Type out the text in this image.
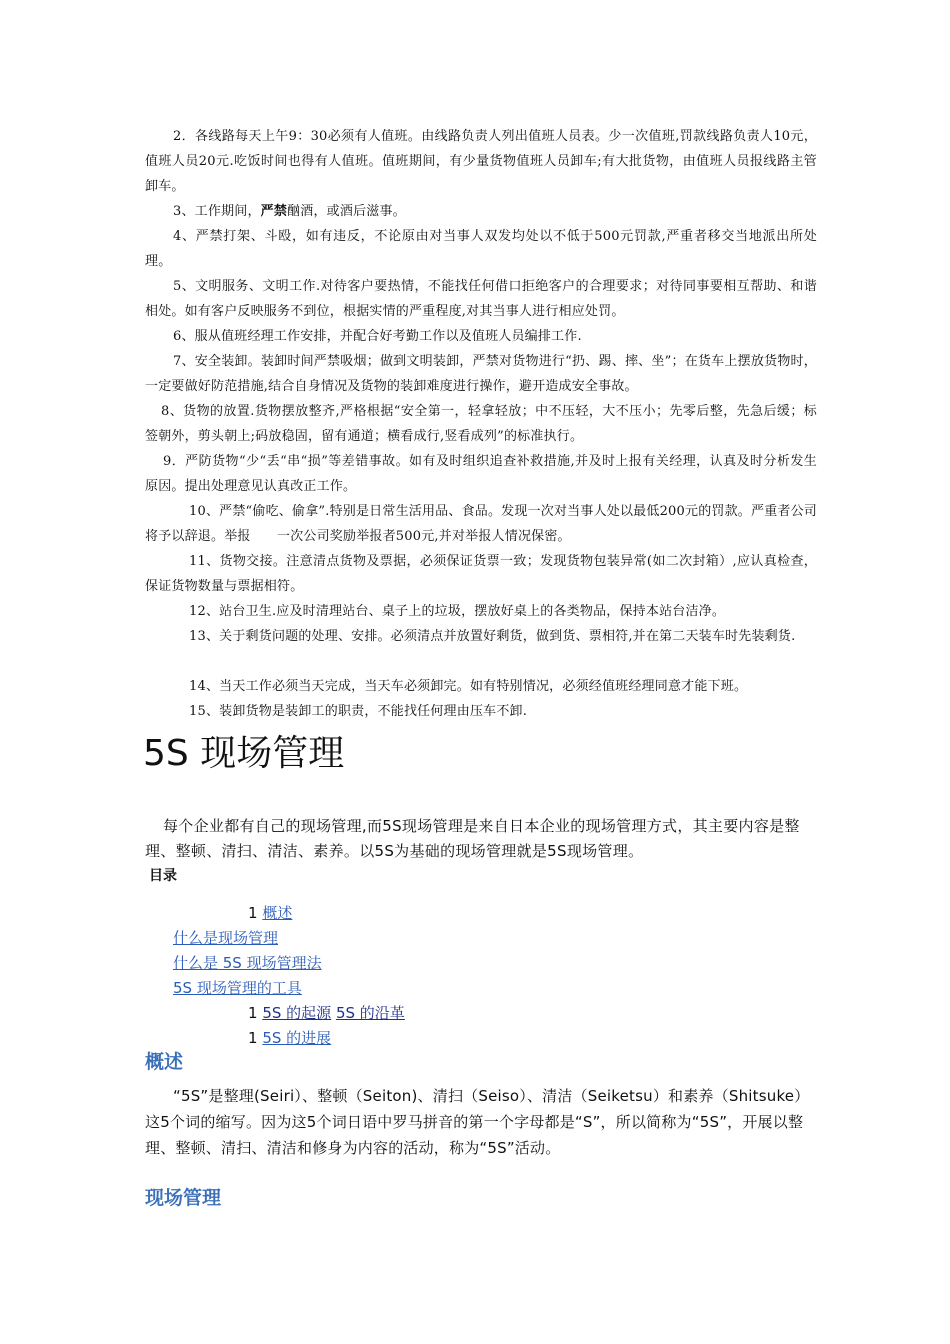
2．各线路每天上午9：30必须有人值班。由线路负责人列出值班人员表。少一次值班,罚款线路负责人10元，值班人员20元.吃饭时间也得有人值班。值班期间，有少量货物值班人员卸车;有大批货物，由值班人员报线路主管卸车。
3、工作期间，严禁酗酒，或酒后滋事。
4、严禁打架、斗殴，如有违反，不论原由对当事人双发均处以不低于500元罚款,严重者移交当地派出所处理。
5、文明服务、文明工作.对待客户要热情，不能找任何借口拒绝客户的合理要求；对待同事要相互帮助、和谐相处。如有客户反映服务不到位，根据实情的严重程度,对其当事人进行相应处罚。
6、服从值班经理工作安排，并配合好考勤工作以及值班人员编排工作.
7、安全装卸。装卸时间严禁吸烟；做到文明装卸，严禁对货物进行“扔、踢、摔、坐”；在货车上摆放货物时，一定要做好防范措施,结合自身情况及货物的装卸难度进行操作，避开造成安全事故。
8、货物的放置.货物摆放整齐,严格根据“安全第一，轻拿轻放；中不压轻，大不压小；先零后整，先急后缓；标签朝外，剪头朝上;码放稳固，留有通道；横看成行,竖看成列”的标准执行。
9．严防货物“少“丢“串“损”等差错事故。如有及时组织追查补救措施,并及时上报有关经理，认真及时分析发生原因。提出处理意见认真改正工作。
10、严禁“偷吃、偷拿”.特别是日常生活用品、食品。发现一次对当事人处以最低200元的罚款。严重者公司将予以辞退。举报　　一次公司奖励举报者500元,并对举报人情况保密。
11、货物交接。注意清点货物及票据，必须保证货票一致；发现货物包装异常(如二次封箱）,应认真检查，保证货物数量与票据相符。
12、站台卫生.应及时清理站台、桌子上的垃圾，摆放好桌上的各类物品，保持本站台洁净。
13、关于剩货问题的处理、安排。必须清点并放置好剩货，做到货、票相符,并在第二天装车时先装剩货.
14、当天工作必须当天完成，当天车必须卸完。如有特别情况，必须经值班经理同意才能下班。
15、装卸货物是装卸工的职责，不能找任何理由压车不卸.
5S 现场管理
每个企业都有自己的现场管理,而5S现场管理是来自日本企业的现场管理方式，其主要内容是整理、整顿、清扫、清洁、素养。以5S为基础的现场管理就是5S现场管理。
目录
1 概述
什么是现场管理
什么是 5S 现场管理法
5S 现场管理的工具
1 5S 的起源 5S 的沿革
1 5S 的进展
概述
“5S”是整理(Seiri）、整顿（Seiton)、清扫（Seiso）、清洁（Seiketsu）和素养（Shitsuke）这5个词的缩写。因为这5个词日语中罗马拼音的第一个字母都是“S”，所以简称为“5S”，开展以整理、整顿、清扫、清洁和修身为内容的活动，称为“5S”活动。
现场管理
